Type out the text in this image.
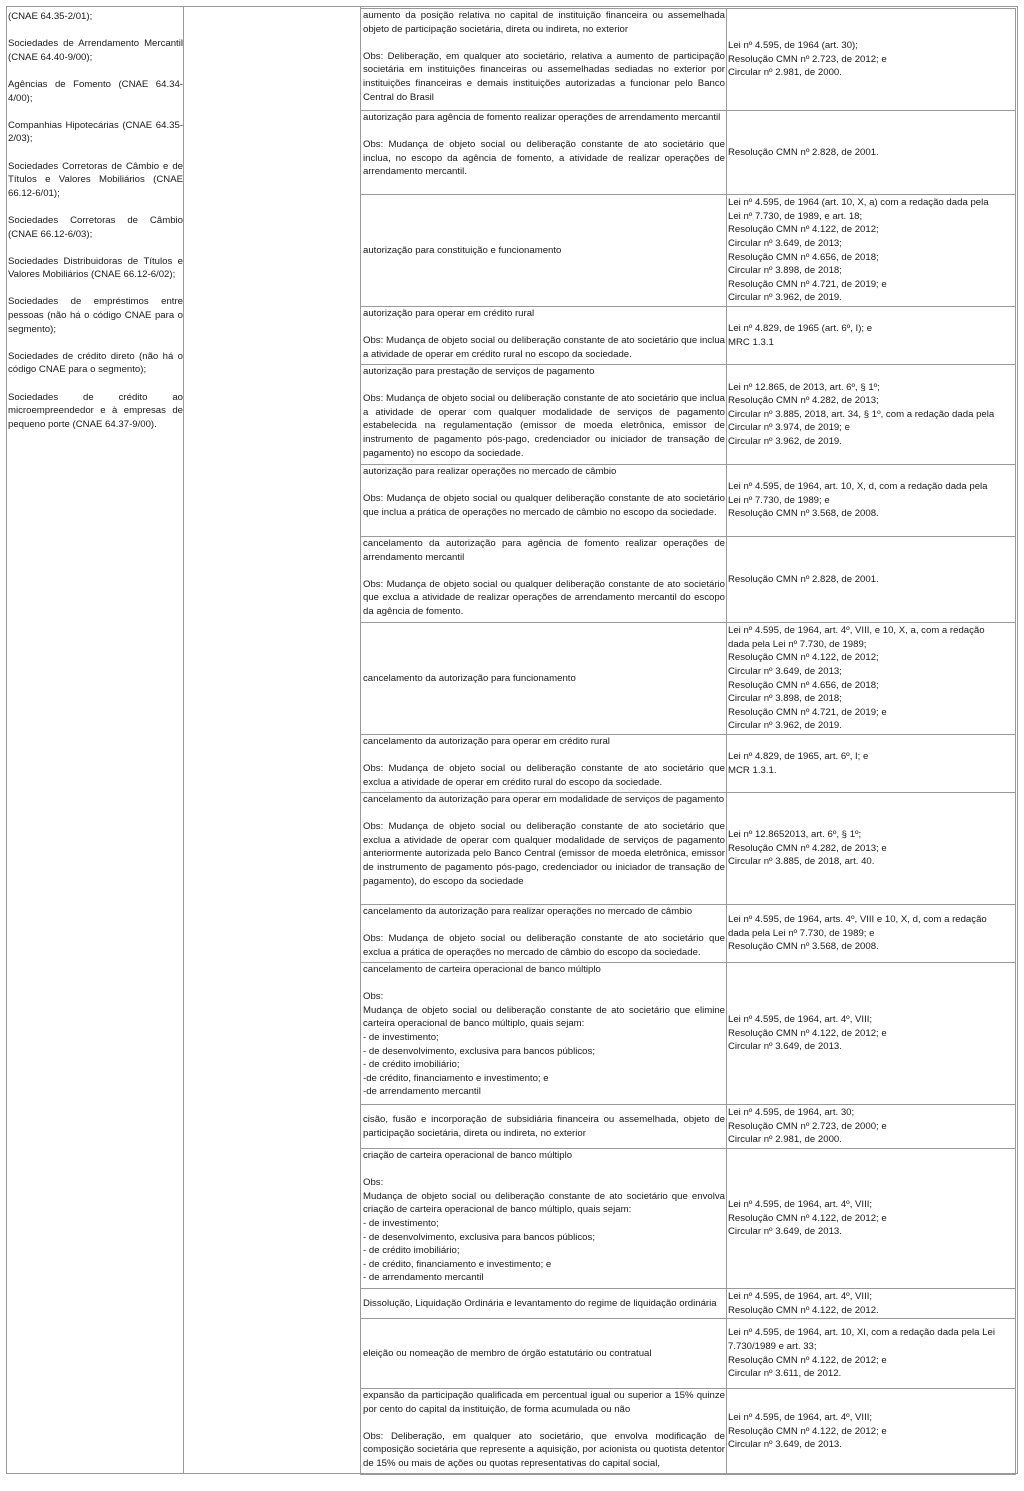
(CNAE 64.35-2/01);
Sociedades de Arrendamento Mercantil (CNAE 64.40-9/00);
Agências de Fomento (CNAE 64.34-4/00);
Companhias Hipotecárias (CNAE 64.35-2/03);
Sociedades Corretoras de Câmbio e de Títulos e Valores Mobiliários (CNAE 66.12-6/01);
Sociedades Corretoras de Câmbio (CNAE 66.12-6/03);
Sociedades Distribuidoras de Títulos e Valores Mobiliários (CNAE 66.12-6/02);
Sociedades de empréstimos entre pessoas (não há o código CNAE para o segmento);
Sociedades de crédito direto (não há o código CNAE para o segmento);
Sociedades de crédito ao microempreendedor e à empresas de pequeno porte (CNAE 64.37-9/00).
aumento da posição relativa no capital de instituição financeira ou assemelhada objeto de participação societária, direta ou indireta, no exterior
Obs: Deliberação, em qualquer ato societário, relativa a aumento de participação societária em instituições financeiras ou assemelhadas sediadas no exterior por instituições financeiras e demais instituições autorizadas a funcionar pelo Banco Central do Brasil
Lei nº 4.595, de 1964 (art. 30);
Resolução CMN nº 2.723, de 2012; e
Circular nº 2.981, de 2000.
autorização para agência de fomento realizar operações de arrendamento mercantil
Obs: Mudança de objeto social ou deliberação constante de ato societário que inclua, no escopo da agência de fomento, a atividade de realizar operações de arrendamento mercantil.
Resolução CMN nº 2.828, de 2001.
autorização para constituição e funcionamento
Lei nº 4.595, de 1964 (art. 10, X, a) com a redação dada pela
Lei nº 7.730, de 1989, e art. 18;
Resolução CMN nº 4.122, de 2012;
Circular nº 3.649, de 2013;
Resolução CMN nº 4.656, de 2018;
Circular nº 3.898, de 2018;
Resolução CMN nº 4.721, de 2019; e
Circular nº 3.962, de 2019.
autorização para operar em crédito rural
Obs: Mudança de objeto social ou deliberação constante de ato societário que inclua a atividade de operar em crédito rural no escopo da sociedade.
Lei nº 4.829, de 1965 (art. 6º, I); e
MRC 1.3.1
autorização para prestação de serviços de pagamento
Obs: Mudança de objeto social ou deliberação constante de ato societário que inclua a atividade de operar com qualquer modalidade de serviços de pagamento estabelecida na regulamentação (emissor de moeda eletrônica, emissor de instrumento de pagamento pós-pago, credenciador ou iniciador de transação de pagamento) no escopo da sociedade.
Lei nº 12.865, de 2013, art. 6º, § 1º;
Resolução CMN nº 4.282, de 2013;
Circular nº 3.885, 2018, art. 34, § 1º, com a redação dada pela
Circular nº 3.974, de 2019; e
Circular nº 3.962, de 2019.
autorização para realizar operações no mercado de câmbio
Obs: Mudança de objeto social ou qualquer deliberação constante de ato societário que inclua a prática de operações no mercado de câmbio no escopo da sociedade.
Lei nº 4.595, de 1964, art. 10, X, d, com a redação dada pela
Lei nº 7.730, de 1989; e
Resolução CMN nº 3.568, de 2008.
cancelamento da autorização para agência de fomento realizar operações de arrendamento mercantil
Obs: Mudança de objeto social ou qualquer deliberação constante de ato societário que exclua a atividade de realizar operações de arrendamento mercantil do escopo da agência de fomento.
Resolução CMN nº 2.828, de 2001.
cancelamento da autorização para funcionamento
Lei nº 4.595, de 1964, art. 4º, VIII, e 10, X, a, com a redação
dada pela Lei nº 7.730, de 1989;
Resolução CMN nº 4.122, de 2012;
Circular nº 3.649, de 2013;
Resolução CMN nº 4.656, de 2018;
Circular nº 3.898, de 2018;
Resolução CMN nº 4.721, de 2019; e
Circular nº 3.962, de 2019.
cancelamento da autorização para operar em crédito rural
Obs: Mudança de objeto social ou deliberação constante de ato societário que exclua a atividade de operar em crédito rural do escopo da sociedade.
Lei nº 4.829, de 1965, art. 6º, I; e
MCR 1.3.1.
cancelamento da autorização para operar em modalidade de serviços de pagamento
Obs: Mudança de objeto social ou deliberação constante de ato societário que exclua a atividade de operar com qualquer modalidade de serviços de pagamento anteriormente autorizada pelo Banco Central (emissor de moeda eletrônica, emissor de instrumento de pagamento pós-pago, credenciador ou iniciador de transação de pagamento), do escopo da sociedade
Lei nº 12.8652013, art. 6º, § 1º;
Resolução CMN nº 4.282, de 2013; e
Circular nº 3.885, de 2018, art. 40.
cancelamento da autorização para realizar operações no mercado de câmbio
Obs: Mudança de objeto social ou deliberação constante de ato societário que exclua a prática de operações no mercado de câmbio do escopo da sociedade.
Lei nº 4.595, de 1964, arts. 4º, VIII e 10, X, d, com a redação
dada pela Lei nº 7.730, de 1989; e
Resolução CMN nº 3.568, de 2008.
cancelamento de carteira operacional de banco múltiplo
Obs:
Mudança de objeto social ou deliberação constante de ato societário que elimine carteira operacional de banco múltiplo, quais sejam:
- de investimento;
- de desenvolvimento, exclusiva para bancos públicos;
- de crédito imobiliário;
-de crédito, financiamento e investimento; e
-de arrendamento mercantil
Lei nº 4.595, de 1964, art. 4º, VIII;
Resolução CMN nº 4.122, de 2012; e
Circular nº 3.649, de 2013.
cisão, fusão e incorporação de subsidiária financeira ou assemelhada, objeto de participação societária, direta ou indireta, no exterior
Lei nº 4.595, de 1964, art. 30;
Resolução CMN nº 2.723, de 2000; e
Circular nº 2.981, de 2000.
criação de carteira operacional de banco múltiplo
Obs:
Mudança de objeto social ou deliberação constante de ato societário que envolva criação de carteira operacional de banco múltiplo, quais sejam:
- de investimento;
- de desenvolvimento, exclusiva para bancos públicos;
- de crédito imobiliário;
- de crédito, financiamento e investimento; e
- de arrendamento mercantil
Lei nº 4.595, de 1964, art. 4º, VIII;
Resolução CMN nº 4.122, de 2012; e
Circular nº 3.649, de 2013.
Dissolução, Liquidação Ordinária e levantamento do regime de liquidação ordinária
Lei nº 4.595, de 1964, art. 4º, VIII;
Resolução CMN nº 4.122, de 2012.
eleição ou nomeação de membro de órgão estatutário ou contratual
Lei nº 4.595, de 1964, art. 10, XI, com a redação dada pela Lei
7.730/1989 e art. 33;
Resolução CMN nº 4.122, de 2012; e
Circular nº 3.611, de 2012.
expansão da participação qualificada em percentual igual ou superior a 15% quinze por cento do capital da instituição, de forma acumulada ou não
Obs: Deliberação, em qualquer ato societário, que envolva modificação de composição societária que represente a aquisição, por acionista ou quotista detentor de 15% ou mais de ações ou quotas representativas do capital social,
Lei nº 4.595, de 1964, art. 4º, VIII;
Resolução CMN nº 4.122, de 2012; e
Circular nº 3.649, de 2013.
